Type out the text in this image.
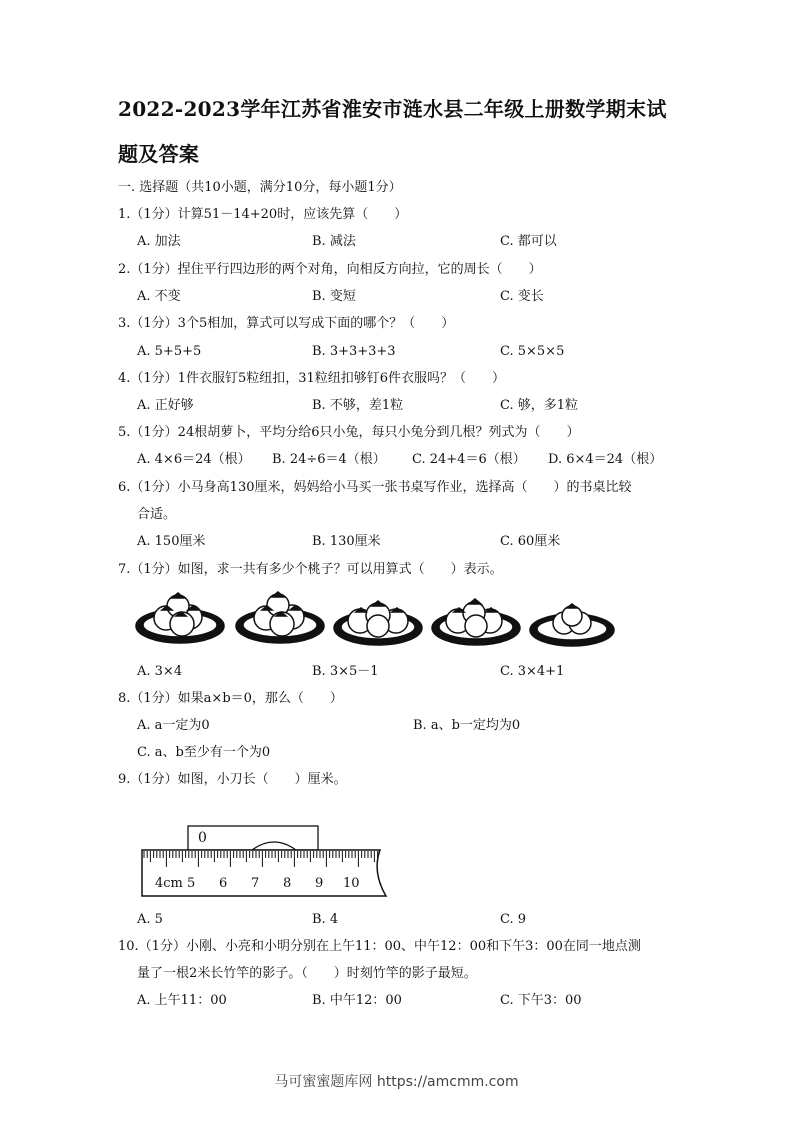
2022-2023学年江苏省淮安市涟水县二年级上册数学期末试
题及答案
一. 选择题（共10小题，满分10分，每小题1分）
1.（1分）计算51－14+20时，应该先算（　　）
A. 加法	B. 减法	C. 都可以
2.（1分）捏住平行四边形的两个对角，向相反方向拉，它的周长（　　）
A. 不变	B. 变短	C. 变长
3.（1分）3个5相加，算式可以写成下面的哪个？（　　）
A. 5+5+5	B. 3+3+3+3	C. 5×5×5
4.（1分）1件衣服钉5粒纽扣，31粒纽扣够钉6件衣服吗？（　　）
A. 正好够	B. 不够，差1粒	C. 够，多1粒
5.（1分）24根胡萝卜，平均分给6只小兔，每只小兔分到几根？列式为（　　）
A. 4×6＝24（根） B. 24÷6＝4（根） C. 24+4＝6（根） D. 6×4＝24（根）
6.（1分）小马身高130厘米，妈妈给小马买一张书桌写作业，选择高（　　）的书桌比较
合适。
A. 150厘米	B. 130厘米	C. 60厘米
7.（1分）如图，求一共有多少个桃子？可以用算式（　　）表示。
A. 3×4	B. 3×5－1	C. 3×4+1
8.（1分）如果a×b＝0，那么（　　）
A. a一定为0	B. a、b一定均为0
C. a、b至少有一个为0
9.（1分）如图，小刀长（　　）厘米。
0
4cm 5 6 7 8 9 10
A. 5	B. 4	C. 9
10.（1分）小刚、小亮和小明分别在上午11：00、中午12：00和下午3：00在同一地点测
量了一根2米长竹竿的影子。（　　）时刻竹竿的影子最短。
A. 上午11：00	B. 中午12：00	C. 下午3：00
马可蜜蜜题库网 https://amcmm.com
